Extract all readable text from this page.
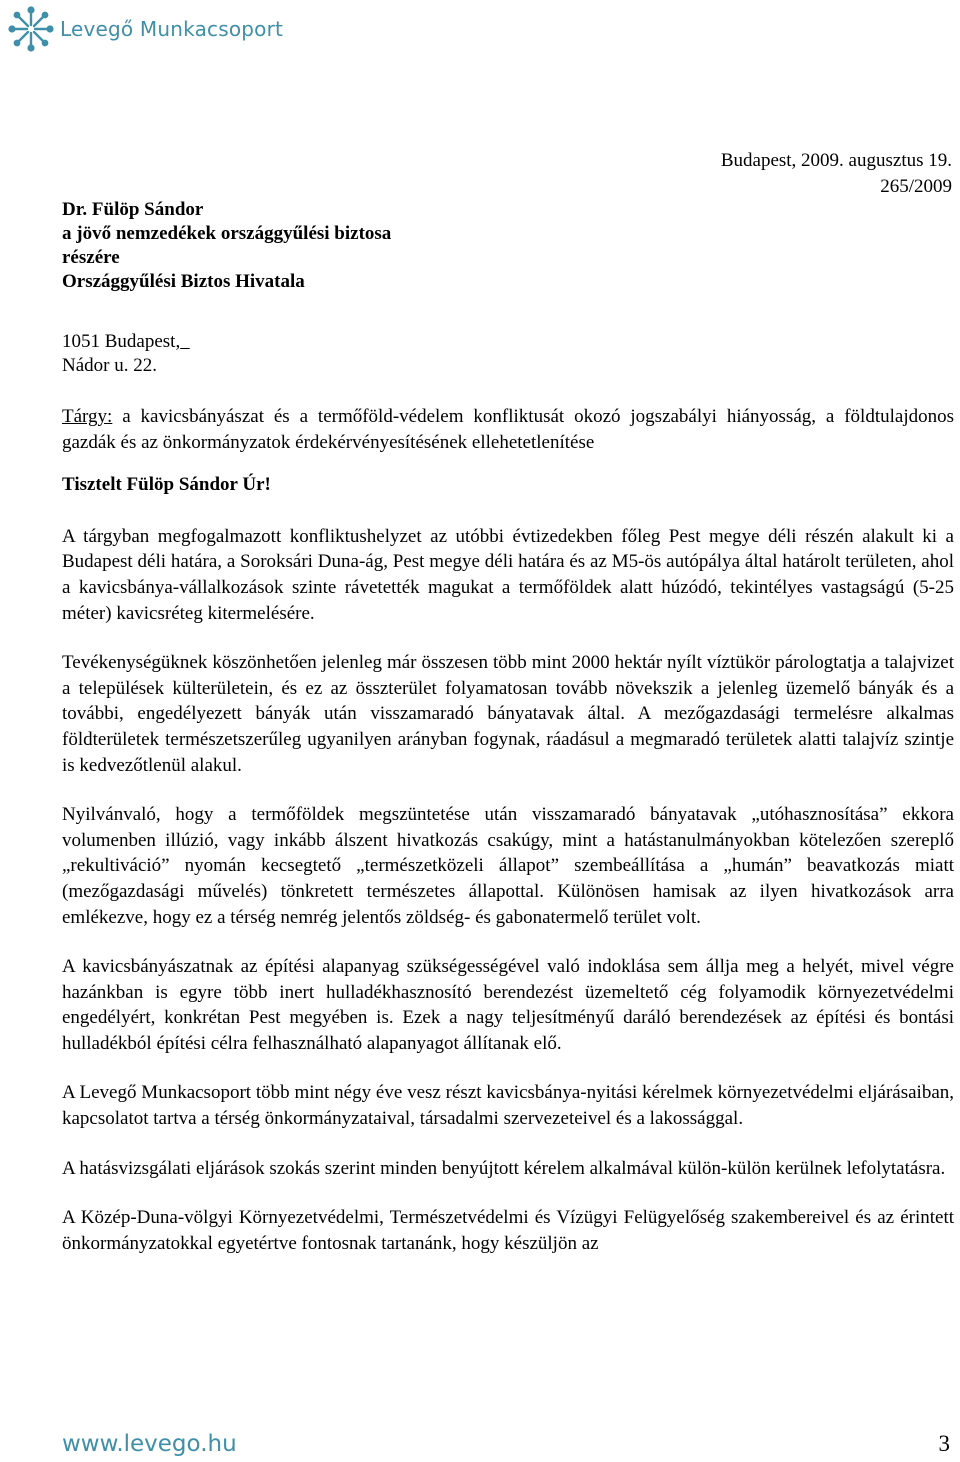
Levegő Munkacsoport
Budapest, 2009. augusztus 19.
265/2009
Dr. Fülöp Sándor
a jövő nemzedékek országgyűlési biztosa
részére
Országgyűlési Biztos Hivatala
1051 Budapest,
Nádor u. 22.

Tárgy: a kavicsbányászat és a termőföld-védelem konfliktusát okozó jogszabályi hiányosság, a földtulajdonos gazdák és az önkormányzatok érdekérvényesítésének ellehetetlenítése

Tisztelt Fülöp Sándor Úr!

A tárgyban megfogalmazott konfliktushelyzet az utóbbi évtizedekben főleg Pest megye déli részén alakult ki a Budapest déli határa, a Soroksári Duna-ág, Pest megye déli határa és az M5-ös autópálya által határolt területen, ahol a kavicsbánya-vállalkozások szinte rávetették magukat a termőföldek alatt húzódó, tekintélyes vastagságú (5-25 méter) kavicsréteg kitermelésére.

Tevékenységüknek köszönhetően jelenleg már összesen több mint 2000 hektár nyílt víztükör párologtatja a talajvizet a települések külterületein, és ez az összterület folyamatosan tovább növekszik a jelenleg üzemelő bányák és a további, engedélyezett bányák után visszamaradó bányatavak által. A mezőgazdasági termelésre alkalmas földterületek természetszerűleg ugyanilyen arányban fogynak, ráadásul a megmaradó területek alatti talajvíz szintje is kedvezőtlenül alakul.

Nyilvánvaló, hogy a termőföldek megszüntetése után visszamaradó bányatavak „utóhasznosítása” ekkora volumenben illúzió, vagy inkább álszent hivatkozás csakúgy, mint a hatástanulmányokban kötelezően szereplő „rekultiváció” nyomán kecsegtető „természetközeli állapot” szembeállítása a „humán” beavatkozás miatt (mezőgazdasági művelés) tönkretett természetes állapottal. Különösen hamisak az ilyen hivatkozások arra emlékezve, hogy ez a térség nemrég jelentős zöldség- és gabonatermelő terület volt.

A kavicsbányászatnak az építési alapanyag szükségességével való indoklása sem állja meg a helyét, mivel végre hazánkban is egyre több inert hulladékhasznosító berendezést üzemeltető cég folyamodik környezetvédelmi engedélyért, konkrétan Pest megyében is. Ezek a nagy teljesítményű daráló berendezések az építési és bontási hulladékból építési célra felhasználható alapanyagot állítanak elő.

A Levegő Munkacsoport több mint négy éve vesz részt kavicsbánya-nyitási kérelmek környezetvédelmi eljárásaiban, kapcsolatot tartva a térség önkormányzataival, társadalmi szervezeteivel és a lakossággal.

A hatásvizsgálati eljárások szokás szerint minden benyújtott kérelem alkalmával külön-külön kerülnek lefolytatásra.

A Közép-Duna-völgyi Környezetvédelmi, Természetvédelmi és Vízügyi Felügyelőség szakembereivel és az érintett önkormányzatokkal egyetértve fontosnak tartanánk, hogy készüljön az

www.levego.hu	3
